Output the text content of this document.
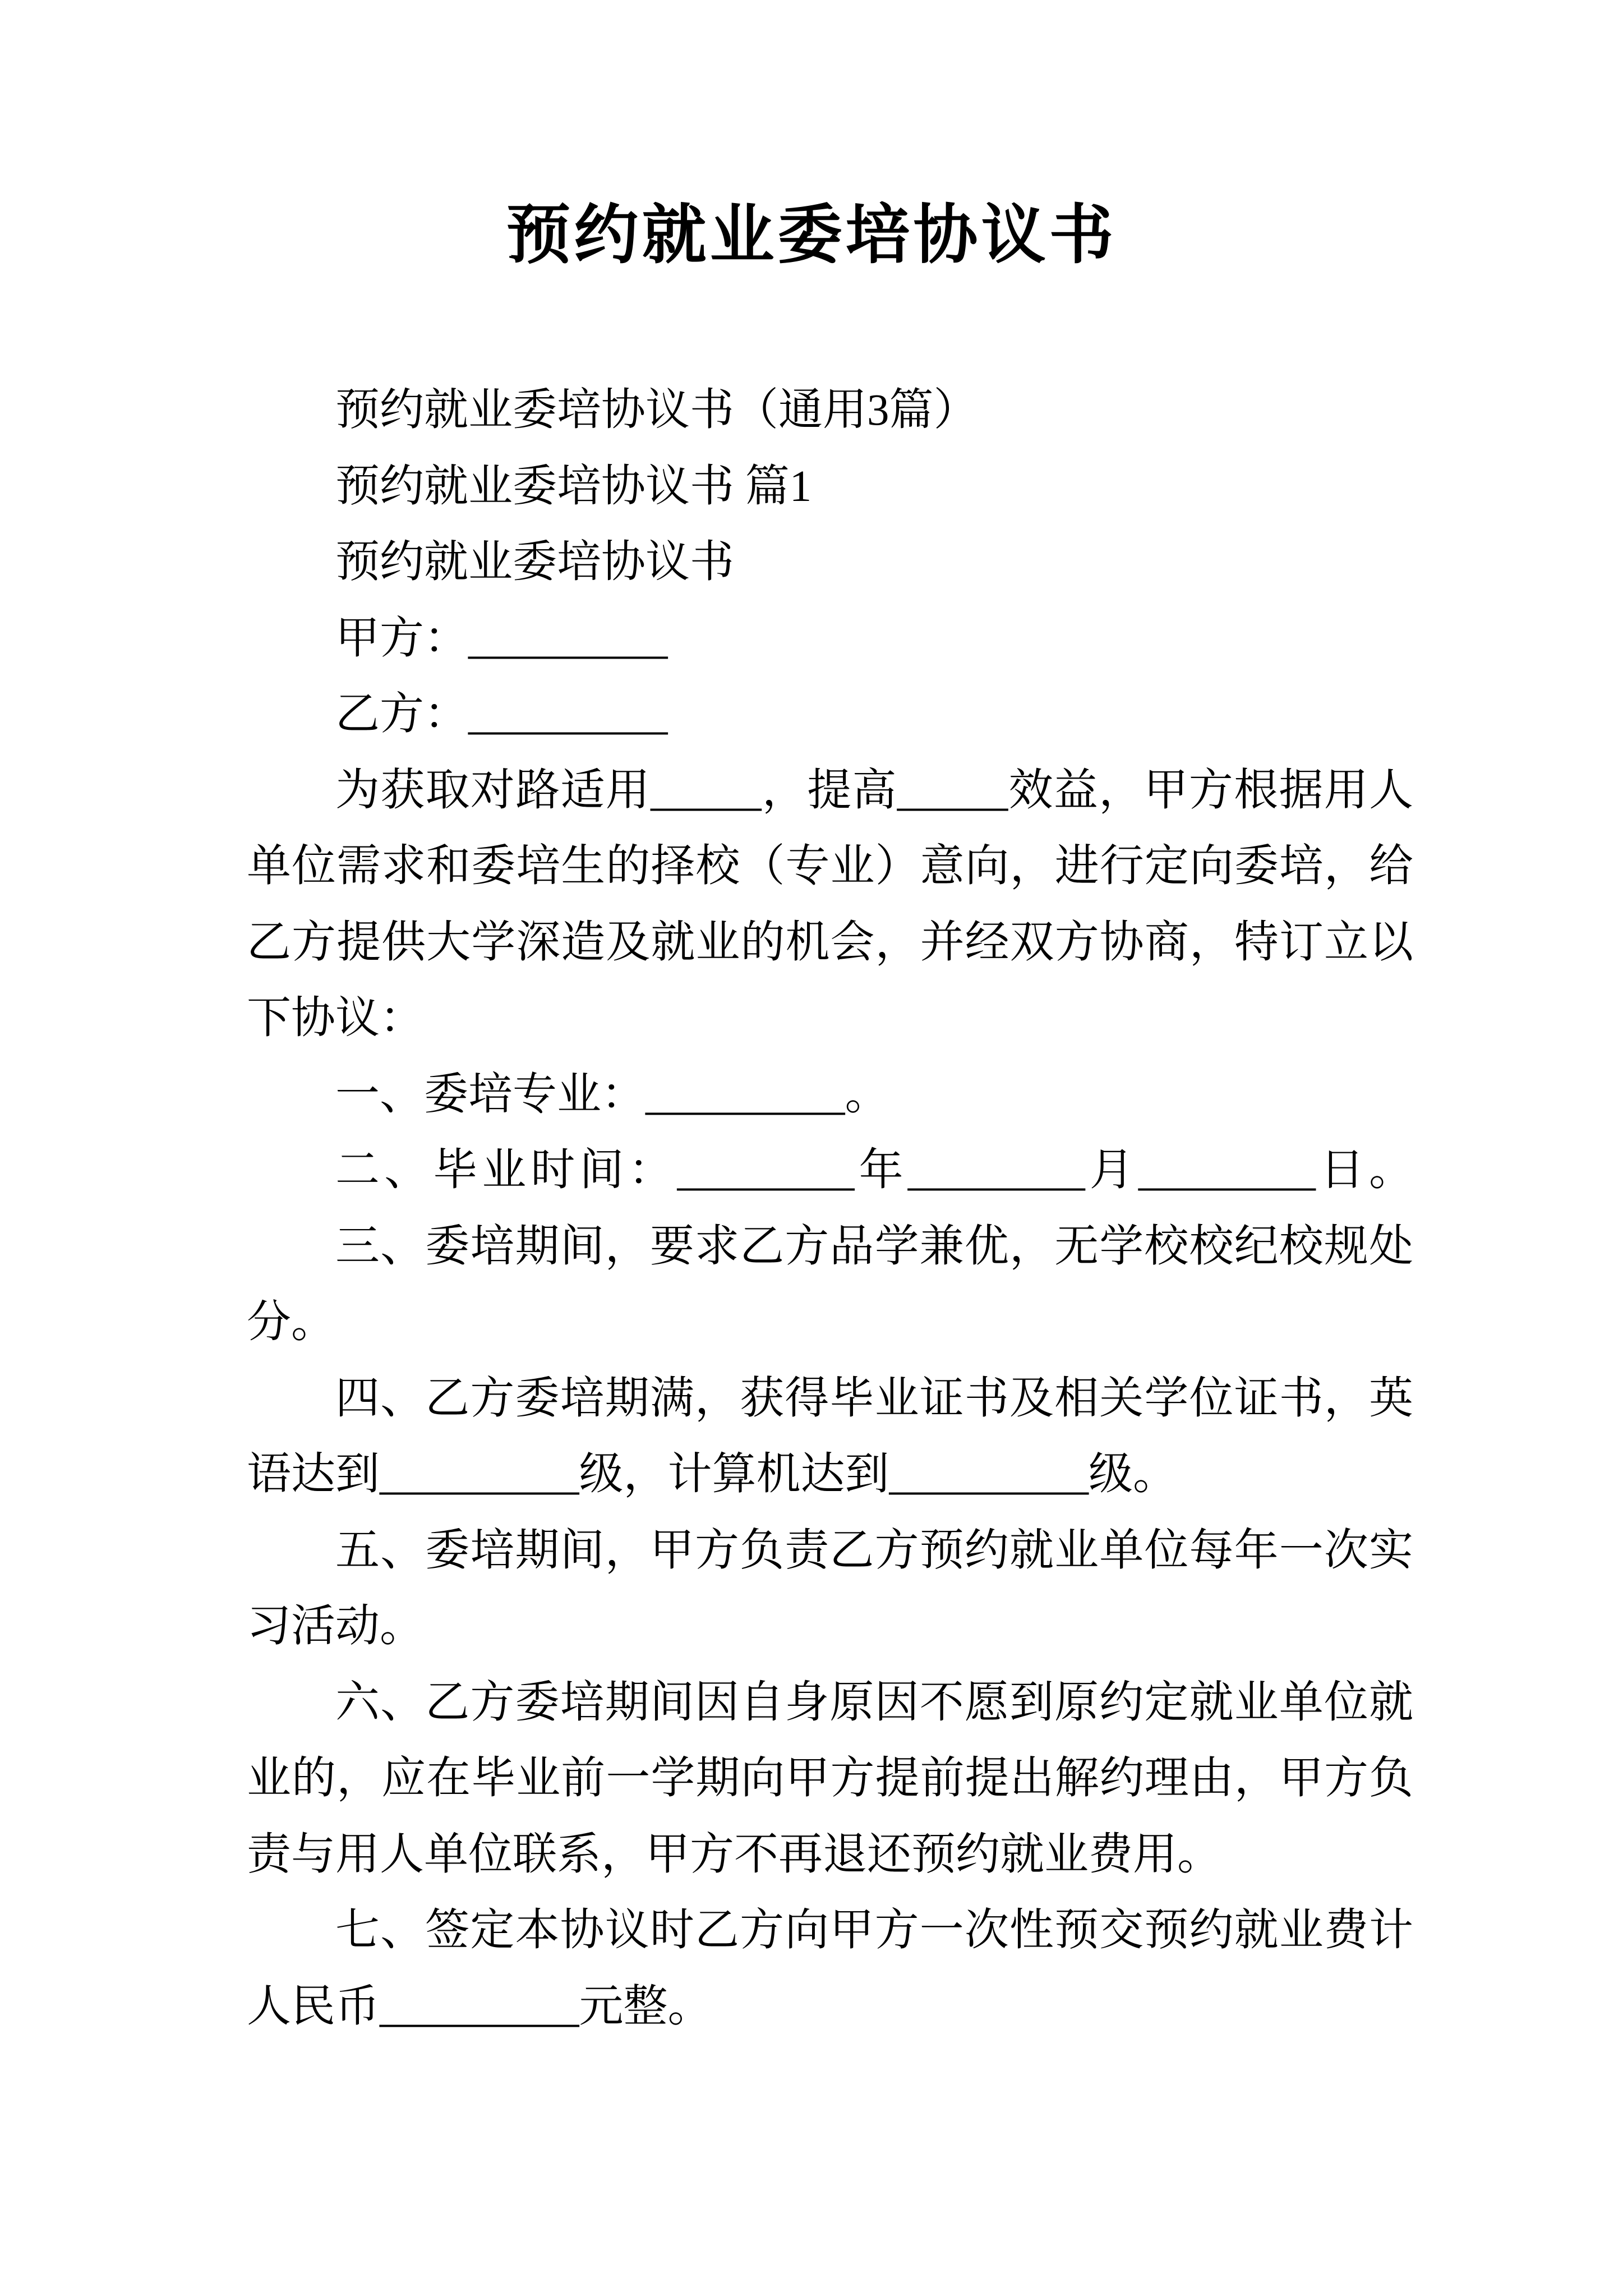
预约就业委培协议书
预约就业委培协议书（通用3篇）
预约就业委培协议书 篇1
预约就业委培协议书
甲方：_________
乙方：_________
为获取对路适用_____，提高_____效益，甲方根据用人
单位需求和委培生的择校（专业）意向，进行定向委培，给
乙方提供大学深造及就业的机会，并经双方协商，特订立以
下协议：
一、委培专业：_________。
二、毕业时间：________年________月________日。
三、委培期间，要求乙方品学兼优，无学校校纪校规处
分。
四、乙方委培期满，获得毕业证书及相关学位证书，英
语达到_________级，计算机达到_________级。
五、委培期间，甲方负责乙方预约就业单位每年一次实
习活动。
六、乙方委培期间因自身原因不愿到原约定就业单位就
业的，应在毕业前一学期向甲方提前提出解约理由，甲方负
责与用人单位联系，甲方不再退还预约就业费用。
七、签定本协议时乙方向甲方一次性预交预约就业费计
人民币_________元整。
